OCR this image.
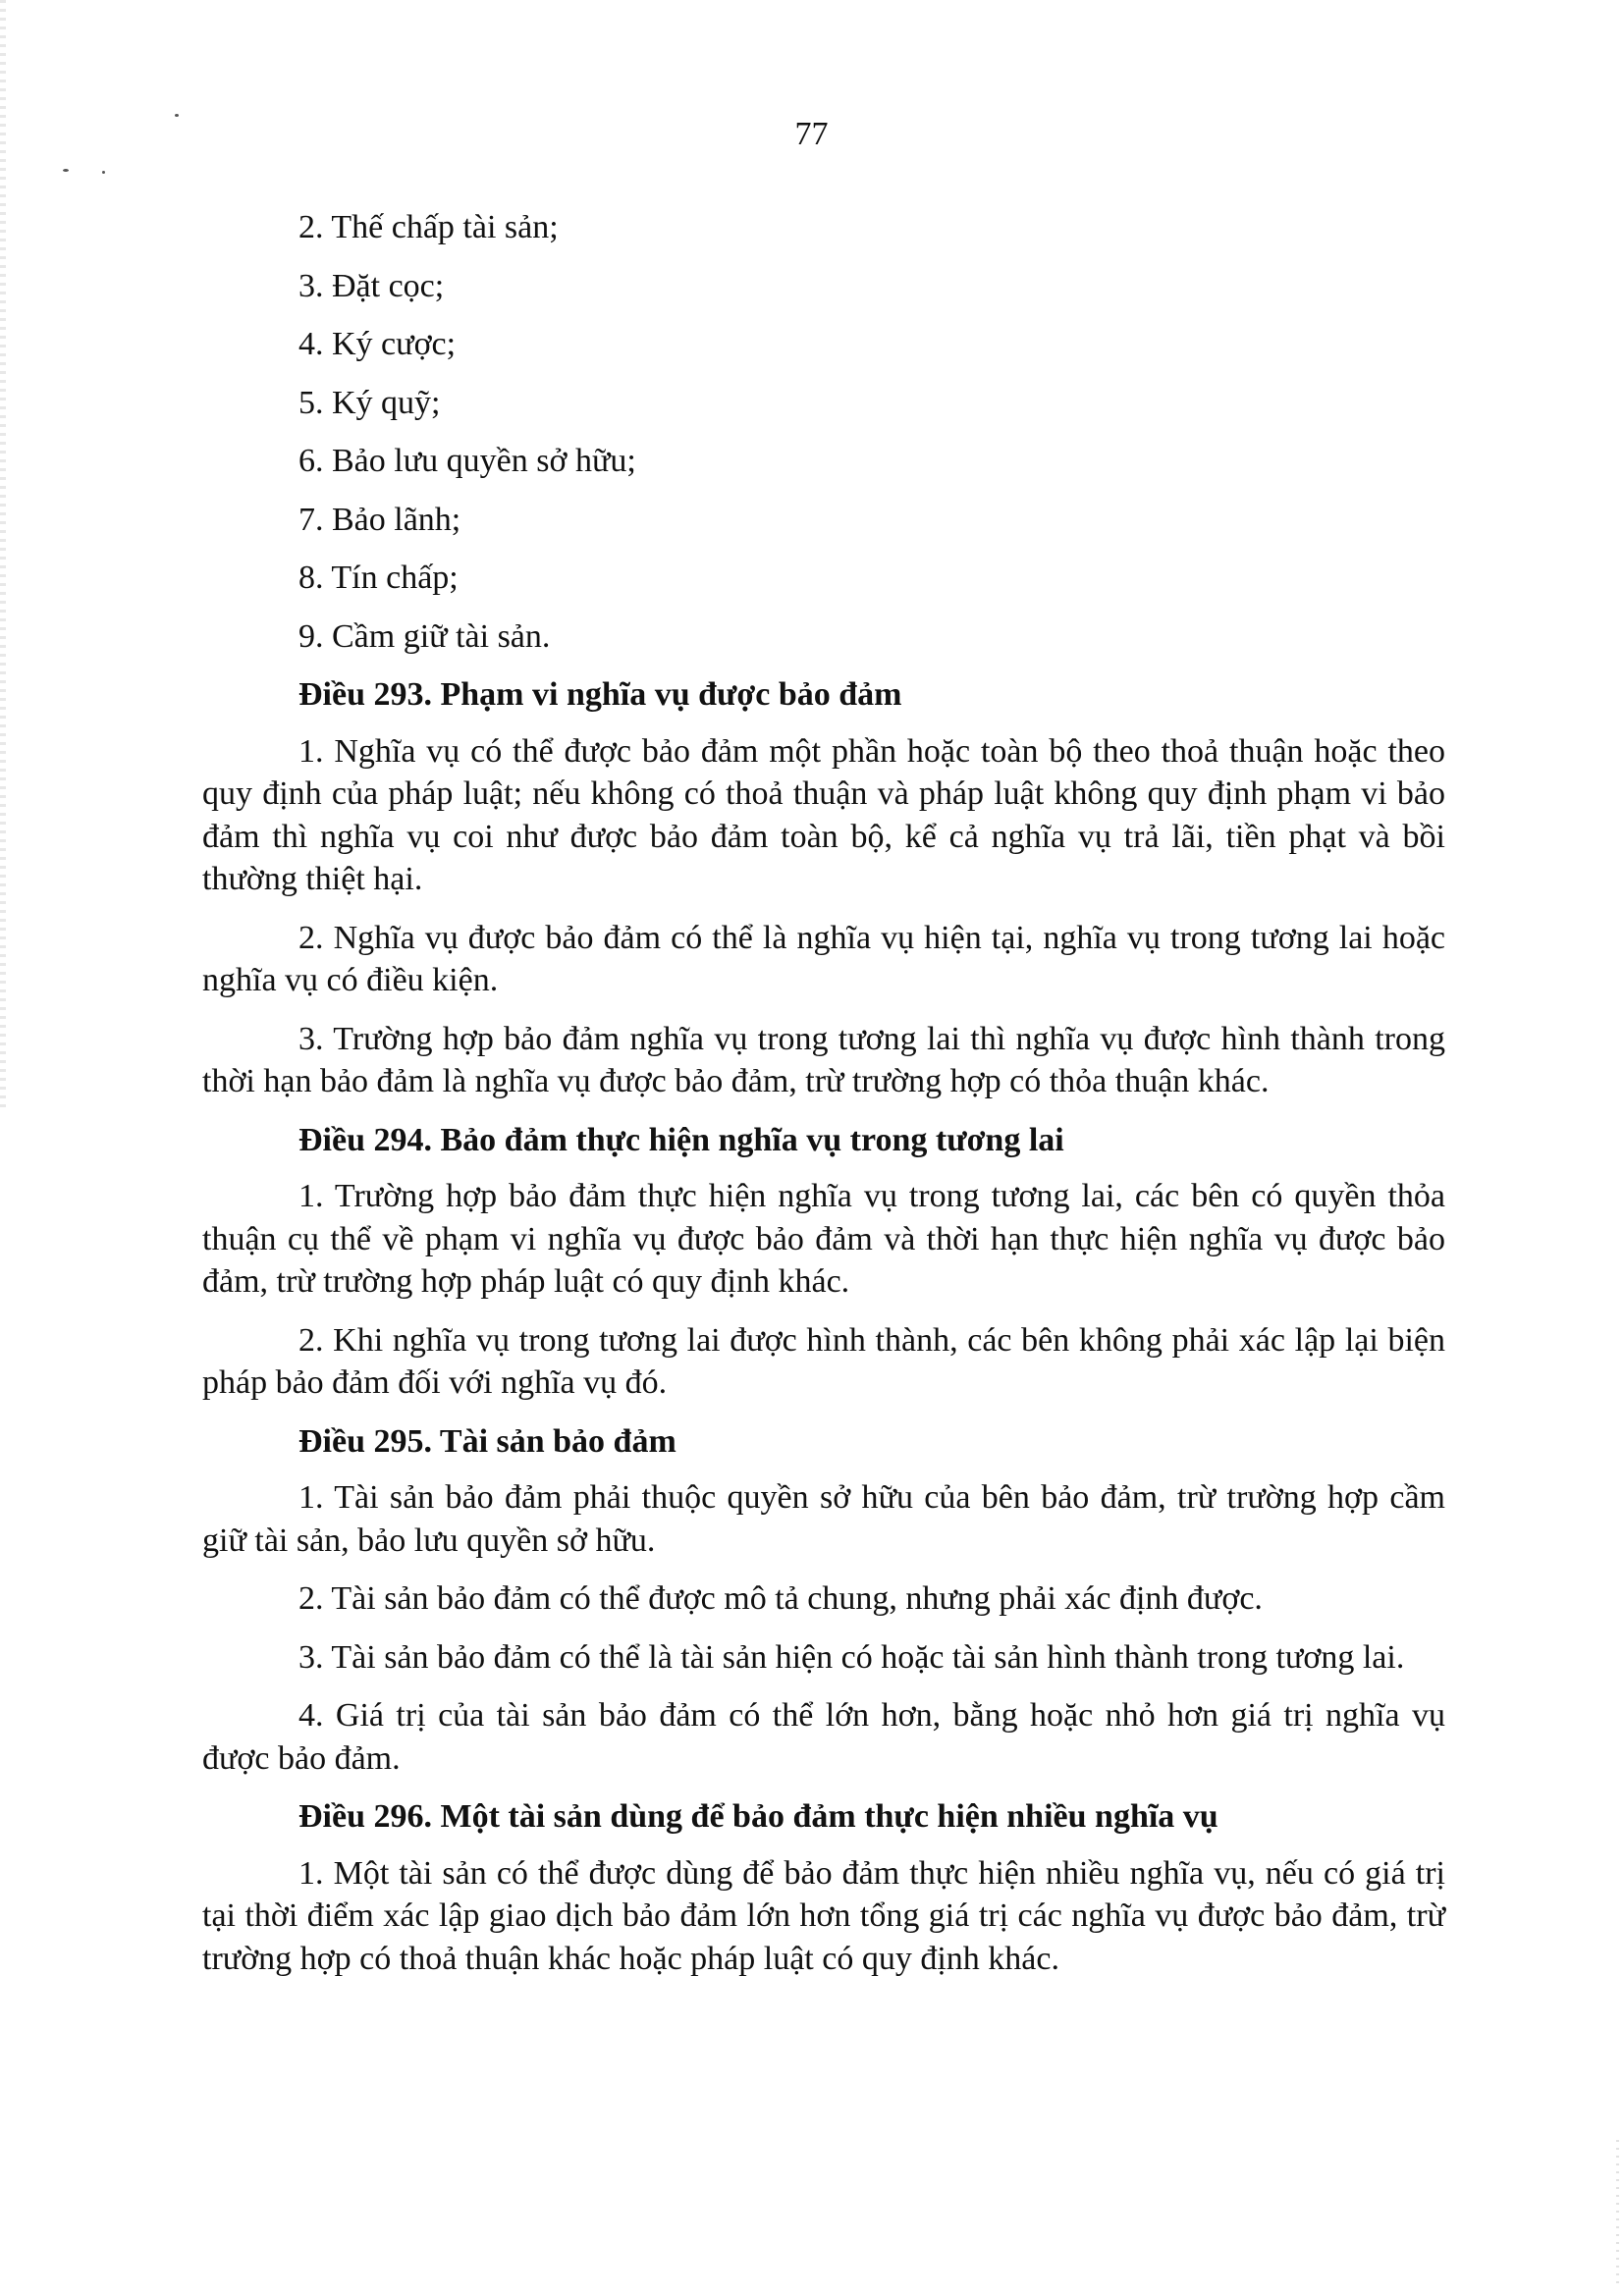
77
2. Thế chấp tài sản;
3. Đặt cọc;
4. Ký cược;
5. Ký quỹ;
6. Bảo lưu quyền sở hữu;
7. Bảo lãnh;
8. Tín chấp;
9. Cầm giữ tài sản.
Điều 293. Phạm vi nghĩa vụ được bảo đảm

1. Nghĩa vụ có thể được bảo đảm một phần hoặc toàn bộ theo thoả thuận hoặc theo quy định của pháp luật; nếu không có thoả thuận và pháp luật không quy định phạm vi bảo đảm thì nghĩa vụ coi như được bảo đảm toàn bộ, kể cả nghĩa vụ trả lãi, tiền phạt và bồi thường thiệt hại.

2. Nghĩa vụ được bảo đảm có thể là nghĩa vụ hiện tại, nghĩa vụ trong tương lai hoặc nghĩa vụ có điều kiện.

3. Trường hợp bảo đảm nghĩa vụ trong tương lai thì nghĩa vụ được hình thành trong thời hạn bảo đảm là nghĩa vụ được bảo đảm, trừ trường hợp có thỏa thuận khác.

Điều 294. Bảo đảm thực hiện nghĩa vụ trong tương lai

1. Trường hợp bảo đảm thực hiện nghĩa vụ trong tương lai, các bên có quyền thỏa thuận cụ thể về phạm vi nghĩa vụ được bảo đảm và thời hạn thực hiện nghĩa vụ được bảo đảm, trừ trường hợp pháp luật có quy định khác.

2. Khi nghĩa vụ trong tương lai được hình thành, các bên không phải xác lập lại biện pháp bảo đảm đối với nghĩa vụ đó.

Điều 295. Tài sản bảo đảm

1. Tài sản bảo đảm phải thuộc quyền sở hữu của bên bảo đảm, trừ trường hợp cầm giữ tài sản, bảo lưu quyền sở hữu.

2. Tài sản bảo đảm có thể được mô tả chung, nhưng phải xác định được.

3. Tài sản bảo đảm có thể là tài sản hiện có hoặc tài sản hình thành trong tương lai.

4. Giá trị của tài sản bảo đảm có thể lớn hơn, bằng hoặc nhỏ hơn giá trị nghĩa vụ được bảo đảm.

Điều 296. Một tài sản dùng để bảo đảm thực hiện nhiều nghĩa vụ

1. Một tài sản có thể được dùng để bảo đảm thực hiện nhiều nghĩa vụ, nếu có giá trị tại thời điểm xác lập giao dịch bảo đảm lớn hơn tổng giá trị các nghĩa vụ được bảo đảm, trừ trường hợp có thoả thuận khác hoặc pháp luật có quy định khác.
